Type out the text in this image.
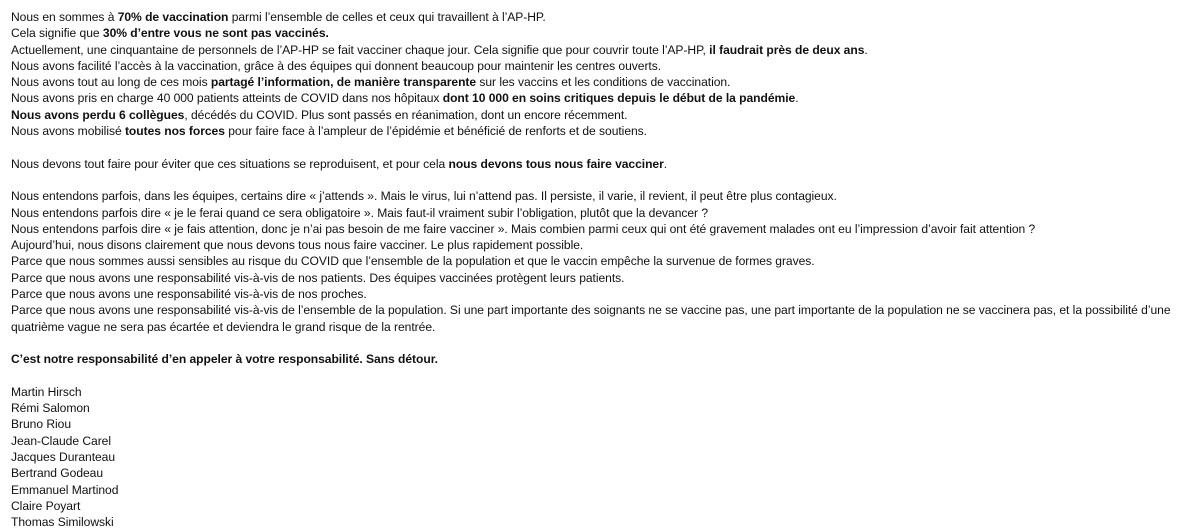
Nous en sommes à 70% de vaccination parmi l’ensemble de celles et ceux qui travaillent à l’AP-HP.
Cela signifie que 30% d’entre vous ne sont pas vaccinés.
Actuellement, une cinquantaine de personnels de l’AP-HP se fait vacciner chaque jour. Cela signifie que pour couvrir toute l’AP-HP, il faudrait près de deux ans.
Nous avons facilité l’accès à la vaccination, grâce à des équipes qui donnent beaucoup pour maintenir les centres ouverts.
Nous avons tout au long de ces mois partagé l’information, de manière transparente sur les vaccins et les conditions de vaccination.
Nous avons pris en charge 40 000 patients atteints de COVID dans nos hôpitaux dont 10 000 en soins critiques depuis le début de la pandémie.
Nous avons perdu 6 collègues, décédés du COVID. Plus sont passés en réanimation, dont un encore récemment.
Nous avons mobilisé toutes nos forces pour faire face à l’ampleur de l’épidémie et bénéficié de renforts et de soutiens.
Nous devons tout faire pour éviter que ces situations se reproduisent, et pour cela nous devons tous nous faire vacciner.
Nous entendons parfois, dans les équipes, certains dire « j’attends ». Mais le virus, lui n’attend pas. Il persiste, il varie, il revient, il peut être plus contagieux.
Nous entendons parfois dire « je le ferai quand ce sera obligatoire ». Mais faut-il vraiment subir l’obligation, plutôt que la devancer ?
Nous entendons parfois dire « je fais attention, donc je n’ai pas besoin de me faire vacciner ». Mais combien parmi ceux qui ont été gravement malades ont eu l’impression d’avoir fait attention ?
Aujourd’hui, nous disons clairement que nous devons tous nous faire vacciner. Le plus rapidement possible.
Parce que nous sommes aussi sensibles au risque du COVID que l’ensemble de la population et que le vaccin empêche la survenue de formes graves.
Parce que nous avons une responsabilité vis-à-vis de nos patients. Des équipes vaccinées protègent leurs patients.
Parce que nous avons une responsabilité vis-à-vis de nos proches.
Parce que nous avons une responsabilité vis-à-vis de l’ensemble de la population. Si une part importante des soignants ne se vaccine pas, une part importante de la population ne se vaccinera pas, et la possibilité d’une quatrième vague ne sera pas écartée et deviendra le grand risque de la rentrée.
C’est notre responsabilité d’en appeler à votre responsabilité. Sans détour.
Martin Hirsch
Rémi Salomon
Bruno Riou
Jean-Claude Carel
Jacques Duranteau
Bertrand Godeau
Emmanuel Martinod
Claire Poyart
Thomas Similowski
